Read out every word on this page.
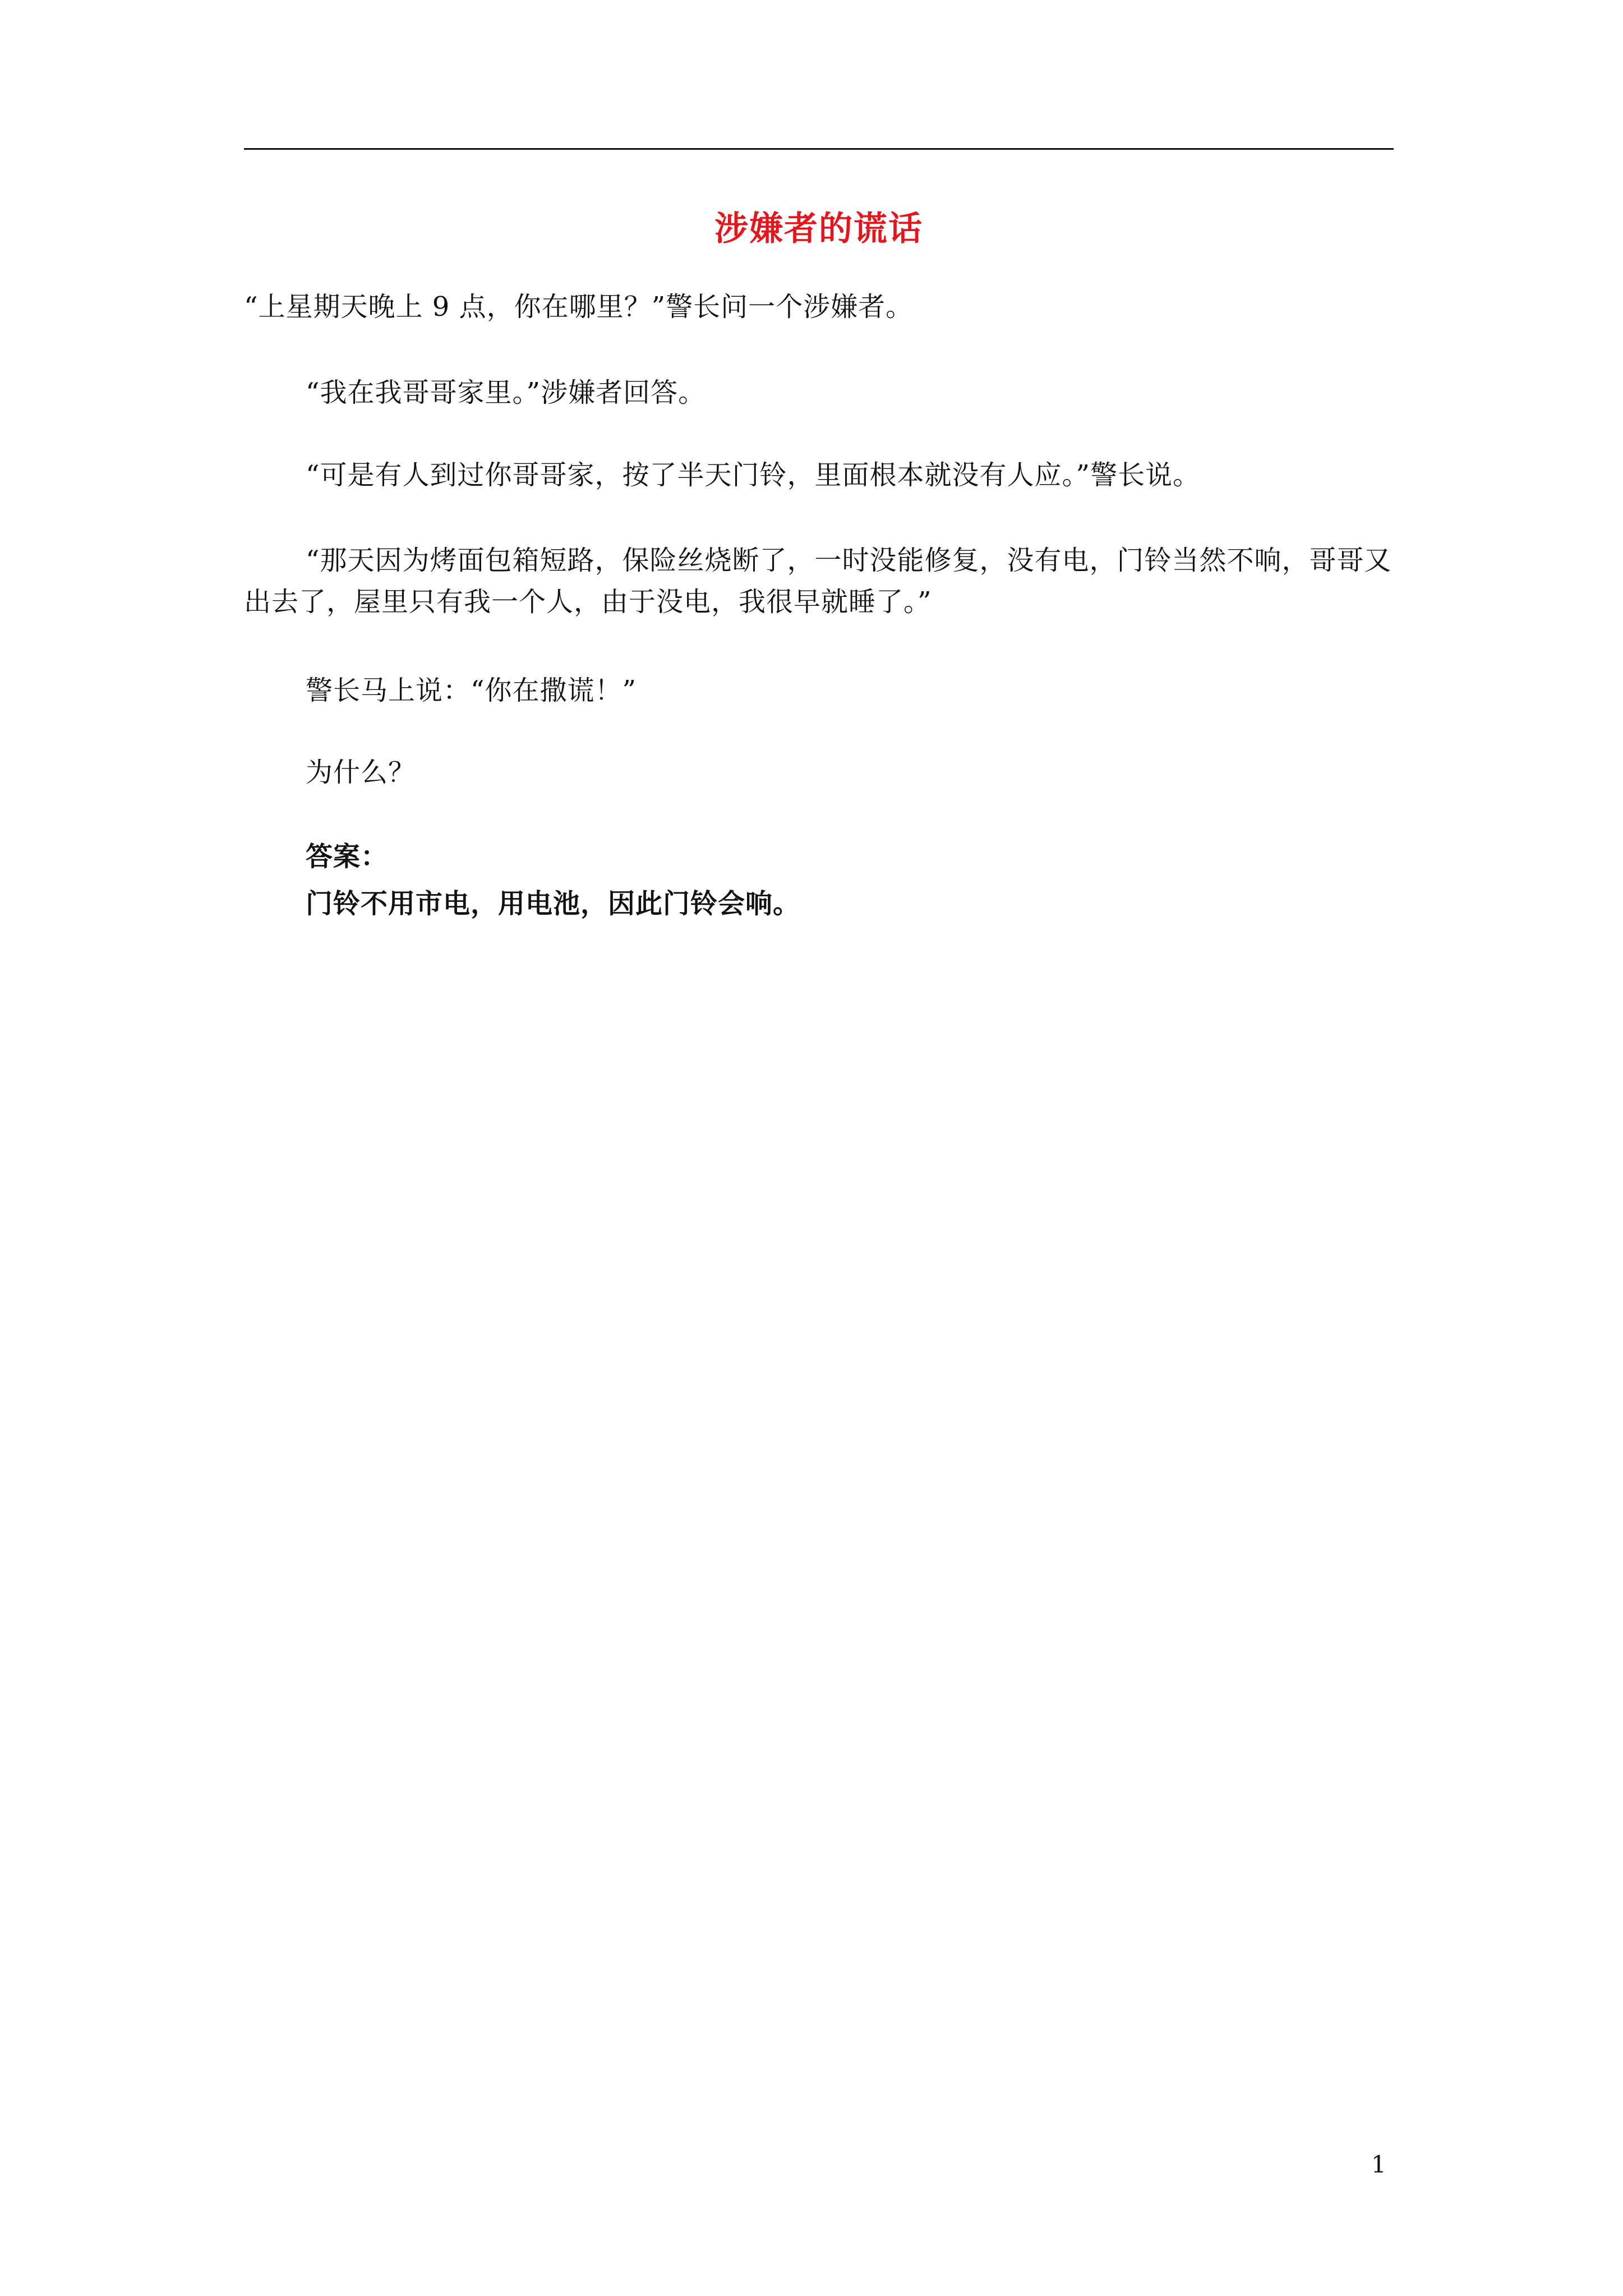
涉嫌者的谎话

“上星期天晚上 9 点，你在哪里？”警长问一个涉嫌者。

“我在我哥哥家里。”涉嫌者回答。

“可是有人到过你哥哥家，按了半天门铃，里面根本就没有人应。”警长说。

“那天因为烤面包箱短路，保险丝烧断了，一时没能修复，没有电，门铃当然不响，哥哥又出去了，屋里只有我一个人，由于没电，我很早就睡了。”

警长马上说：“你在撒谎！”

为什么？

答案：
门铃不用市电，用电池，因此门铃会响。
1
